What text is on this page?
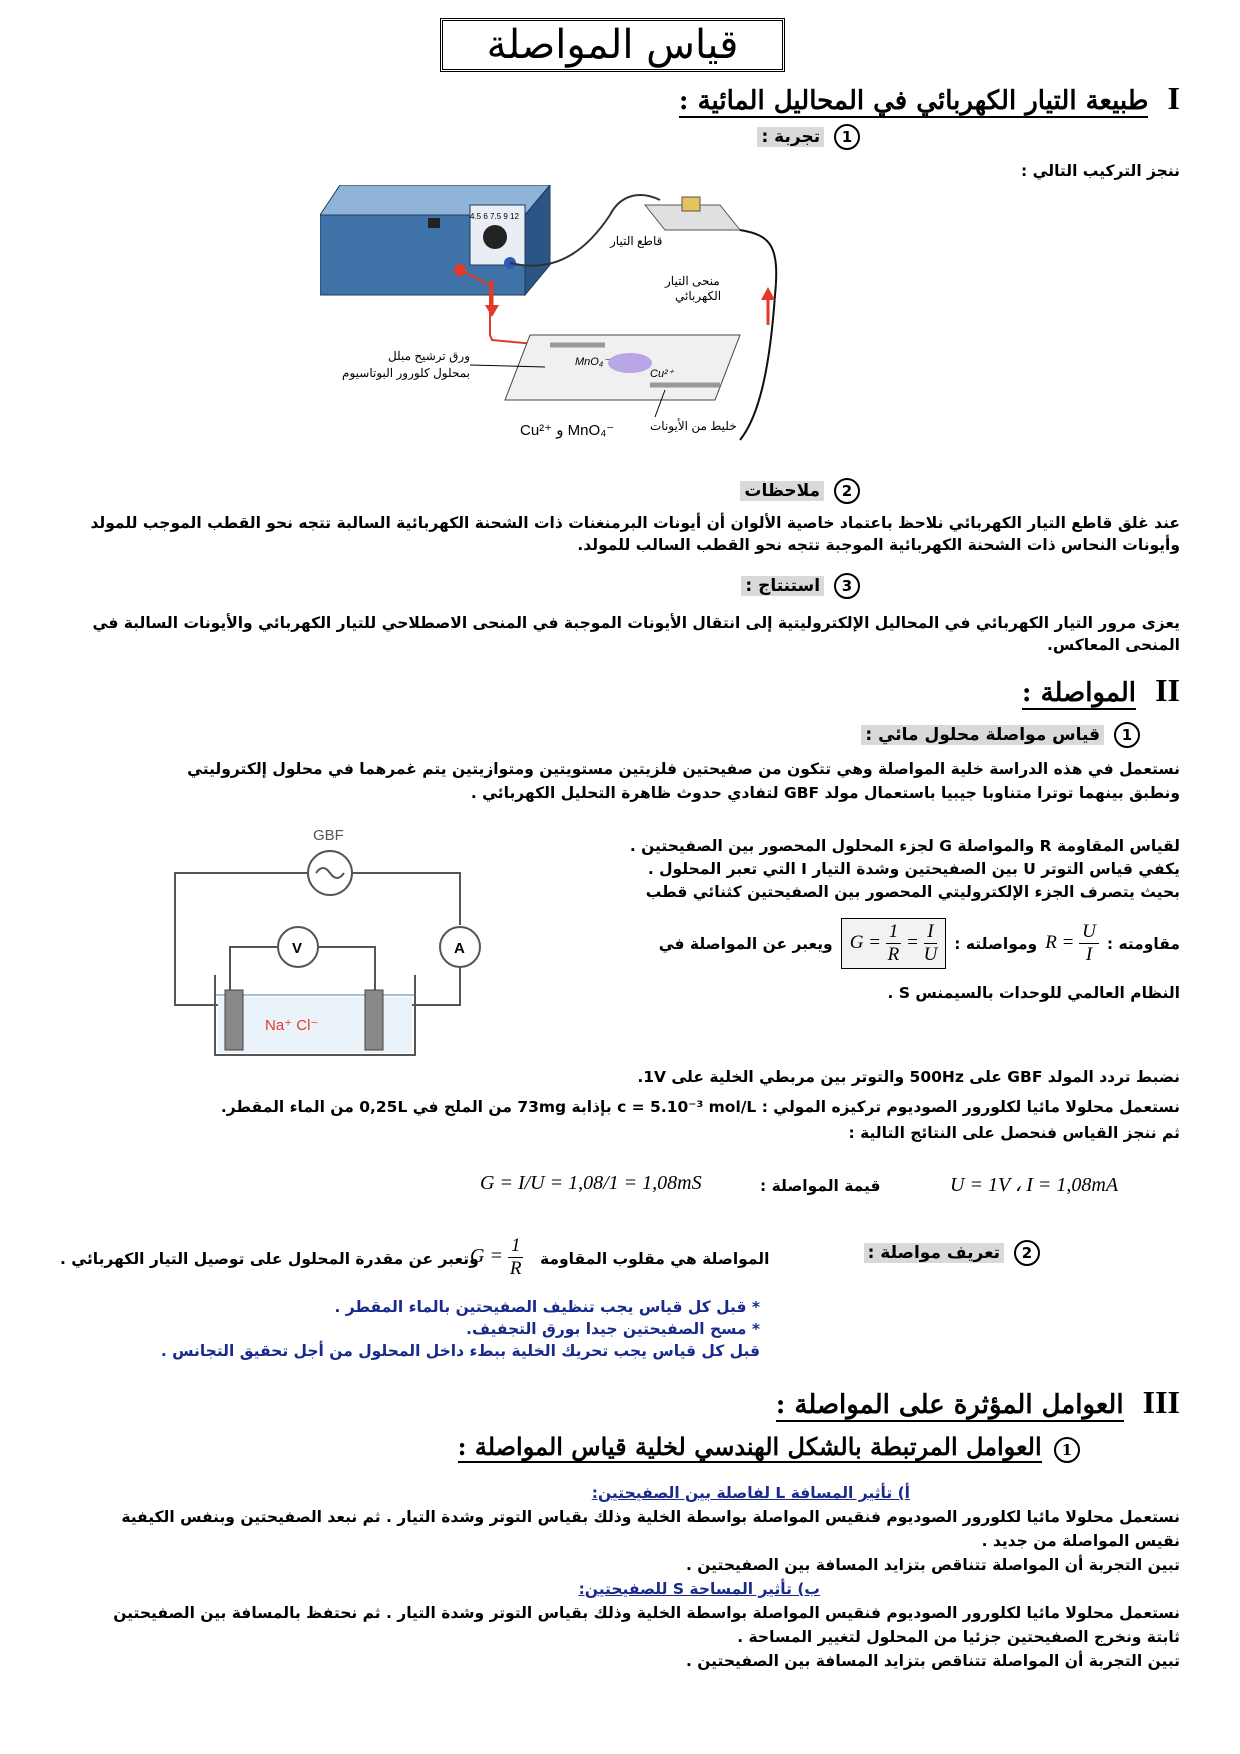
قياس المواصلة
I طبيعة التيار الكهربائي في المحاليل المائية :
1 تجربة :
ننجز التركيب التالي :
4.5 6 7.5 9 12
قاطع التيار
منحى التيار
الكهربائي
MnO₄⁻
Cu²⁺
ورق ترشيح مبلل
بمحلول كلورور البوتاسيوم
خليط من الأيونات
Cu²⁺ و MnO₄⁻
2 ملاحظات
عند غلق قاطع التيار الكهربائي نلاحظ باعتماد خاصية الألوان أن أيونات البرمنغنات ذات الشحنة الكهربائية السالبة تتجه نحو القطب الموجب للمولد وأيونات النحاس ذات الشحنة الكهربائية الموجبة تتجه نحو القطب السالب للمولد.
3 استنتاج :
يعزى مرور التيار الكهربائي في المحاليل الإلكتروليتية إلى انتقال الأيونات الموجبة في المنحى الاصطلاحي للتيار الكهربائي والأيونات السالبة في المنحى المعاكس.
II المواصلة :
1 قياس مواصلة محلول مائي :
نستعمل في هذه الدراسة خلية المواصلة وهي تتكون من صفيحتين فلزيتين مستويتين ومتوازيتين يتم غمرهما في محلول إلكتروليتي
ونطبق بينهما توترا متناوبا جيبيا باستعمال مولد GBF لتفادي حدوث ظاهرة التحليل الكهربائي .
GBF
A
V
Na⁺ Cl⁻
لقياس المقاومة R والمواصلة G لجزء المحلول المحصور بين الصفيحتين .
يكفي قياس التوتر U بين الصفيحتين وشدة التيار I التي تعبر المحلول .
بحيث يتصرف الجزء الإلكتروليتي المحصور بين الصفيحتين كثنائي قطب
مقاومته :
$R = \frac{U}{I}$
ومواصلته :
$G = \frac{1}{R} = \frac{I}{U}$
ويعبر عن المواصلة في
النظام العالمي للوحدات بالسيمنس S .
نضبط تردد المولد GBF على 500Hz والتوتر بين مربطي الخلية على 1V.
نستعمل محلولا مائيا لكلورور الصوديوم تركيزه المولي : c = 5.10⁻³ mol/L بإذابة 73mg من الملح في 0,25L من الماء المقطر.
ثم ننجز القياس فنحصل على النتائج التالية :
U = 1V ، I = 1,08mA
قيمة المواصلة :
G = I/U = 1,08/1 = 1,08mS
2 تعريف مواصلة :
المواصلة هي مقلوب المقاومة
$G = \frac{1}{R}$
وتعبر عن مقدرة المحلول على توصيل التيار الكهربائي .
* قبل كل قياس يجب تنظيف الصفيحتين بالماء المقطر .
* مسح الصفيحتين جيدا بورق التجفيف.
قبل كل قياس يجب تحريك الخلية ببطء داخل المحلول من أجل تحقيق التجانس .
III العوامل المؤثرة على المواصلة :
1 العوامل المرتبطة بالشكل الهندسي لخلية قياس المواصلة :
أ) تأثير المسافة L لفاصلة بين الصفيحتين:
نستعمل محلولا مائيا لكلورور الصوديوم فنقيس المواصلة بواسطة الخلية وذلك بقياس التوتر وشدة التيار . ثم نبعد الصفيحتين وبنفس الكيفية
نقيس المواصلة من جديد .
تبين التجربة أن المواصلة تتناقص بتزايد المسافة بين الصفيحتين .
ب) تأثير المساحة S للصفيحتين:
نستعمل محلولا مائيا لكلورور الصوديوم فنقيس المواصلة بواسطة الخلية وذلك بقياس التوتر وشدة التيار . ثم نحتفظ بالمسافة بين الصفيحتين
ثابتة ونخرج الصفيحتين جزئيا من المحلول لتغيير المساحة .
تبين التجربة أن المواصلة تتناقص بتزايد المسافة بين الصفيحتين .
